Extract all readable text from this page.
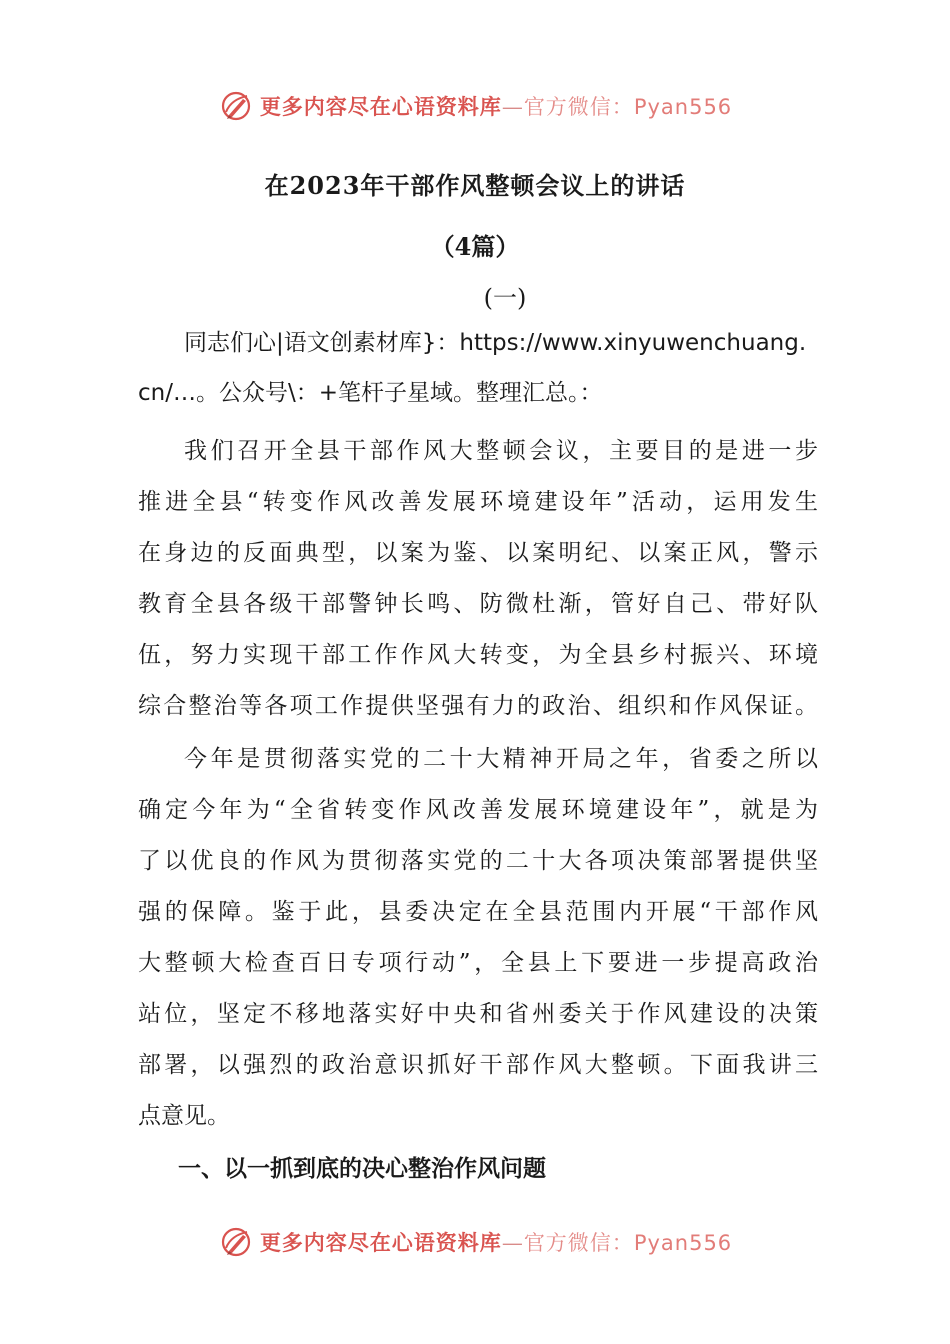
更多内容尽在心语资料库—官方微信：Pyan556
在2023年干部作风整顿会议上的讲话
（4篇）
(一)
同志们心|语文创素材库}：https://www.xinyuwenchuang.
cn/…。公众号\：+笔杆子星域。整理汇总。：
我们召开全县干部作风大整顿会议，主要目的是进一步
推进全县“转变作风改善发展环境建设年”活动，运用发生
在身边的反面典型，以案为鉴、以案明纪、以案正风，警示
教育全县各级干部警钟长鸣、防微杜渐，管好自己、带好队
伍，努力实现干部工作作风大转变，为全县乡村振兴、环境
综合整治等各项工作提供坚强有力的政治、组织和作风保证。
今年是贯彻落实党的二十大精神开局之年，省委之所以
确定今年为“全省转变作风改善发展环境建设年”，就是为
了以优良的作风为贯彻落实党的二十大各项决策部署提供坚
强的保障。鉴于此，县委决定在全县范围内开展“干部作风
大整顿大检查百日专项行动”，全县上下要进一步提高政治
站位，坚定不移地落实好中央和省州委关于作风建设的决策
部署，以强烈的政治意识抓好干部作风大整顿。下面我讲三
点意见。
一、以一抓到底的决心整治作风问题
更多内容尽在心语资料库—官方微信：Pyan556
